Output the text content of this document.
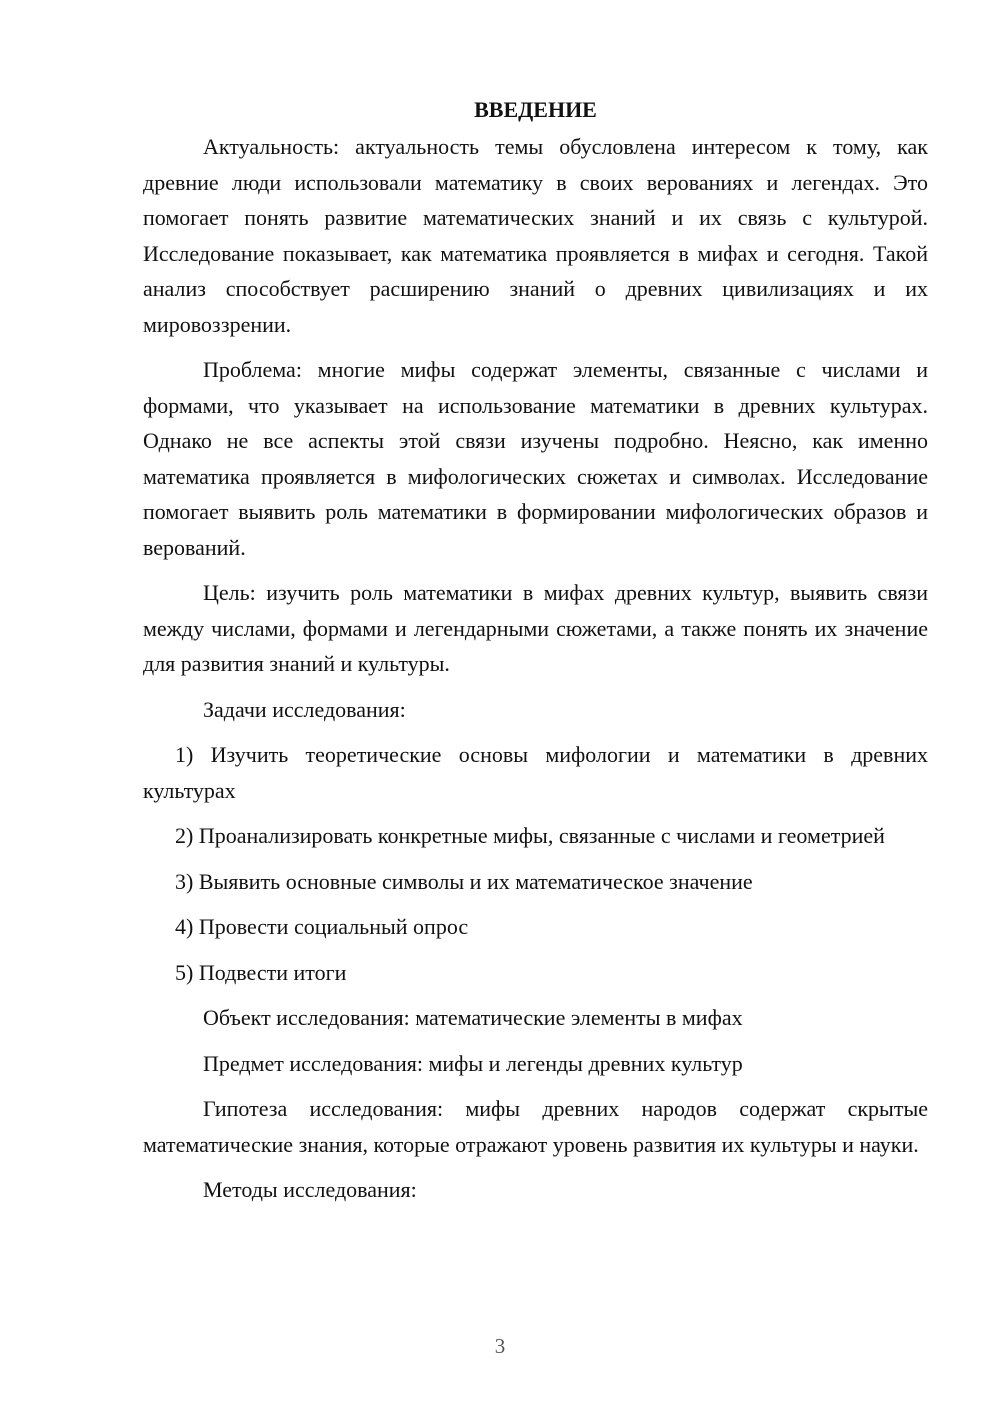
ВВЕДЕНИЕ
Актуальность: актуальность темы обусловлена интересом к тому, как древние люди использовали математику в своих верованиях и легендах. Это помогает понять развитие математических знаний и их связь с культурой. Исследование показывает, как математика проявляется в мифах и сегодня. Такой анализ способствует расширению знаний о древних цивилизациях и их мировоззрении.
Проблема: многие мифы содержат элементы, связанные с числами и формами, что указывает на использование математики в древних культурах. Однако не все аспекты этой связи изучены подробно. Неясно, как именно математика проявляется в мифологических сюжетах и символах. Исследование помогает выявить роль математики в формировании мифологических образов и верований.
Цель: изучить роль математики в мифах древних культур, выявить связи между числами, формами и легендарными сюжетами, а также понять их значение для развития знаний и культуры.
Задачи исследования:
1) Изучить теоретические основы мифологии и математики в древних культурах
2) Проанализировать конкретные мифы, связанные с числами и геометрией
3) Выявить основные символы и их математическое значение
4) Провести социальный опрос
5) Подвести итоги
Объект исследования: математические элементы в мифах
Предмет исследования: мифы и легенды древних культур
Гипотеза исследования: мифы древних народов содержат скрытые математические знания, которые отражают уровень развития их культуры и науки.
Методы исследования:
3
